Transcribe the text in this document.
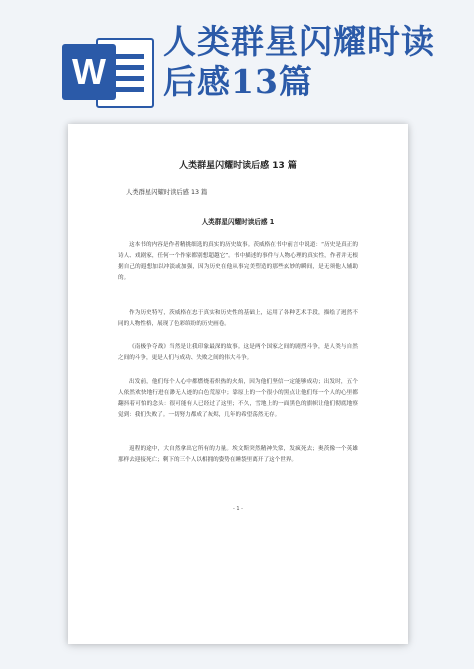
W
人类群星闪耀时读
后感13篇
人类群星闪耀时读后感 13 篇
人类群星闪耀时读后感 13 篇
人类群星闪耀时读后感 1

这本书的内容是作者精挑细选的真实的历史故事。茨威格在书中前言中说道：“历史是真正的诗人、戏剧家，任何一个作家都别想超越它”。书中描述的事件与人物心理的真实性，作者并无根据自己的遐想加以冲淡或加强，因为历史在他从事完美塑造的那些玄妙的瞬间，是无须他人辅助的。

作为历史特写，茨威格在忠于真实和历史性的基础上，运用了各种艺术手段，描绘了迥然不同的人物性格，展现了色彩缤纷的历史画卷。

《南极争夺战》当然是让我印象最深的故事。这是两个国家之间的剧烈斗争，是人类与自然之间的斗争，更是人们与成功、失败之间的伟大斗争。

出发前，他们每个人心中都燃烧着炽热的火焰，因为他们坚信一定能够成功；出发时，五个人依然欢快地行进在渺无人迹的白色荒原中；靠原上的一个很小的黑点让他们每一个人的心里都翻抖着可怕的念头：很可能有人已经过了这里；不久，雪地上的一面黑色的旗帜让他们彻底地察觉到：我们失败了。一切努力都成了灰烬，几年的希望荡然无存。

返程的途中，大自然拿出它所有的力量。埃文斯突然精神失常，发疯死去；奥茨像一个英雄那样去迎接死亡；剩下的三个人以相拥的姿势在睡袋里离开了这个世界。

- 1 -
